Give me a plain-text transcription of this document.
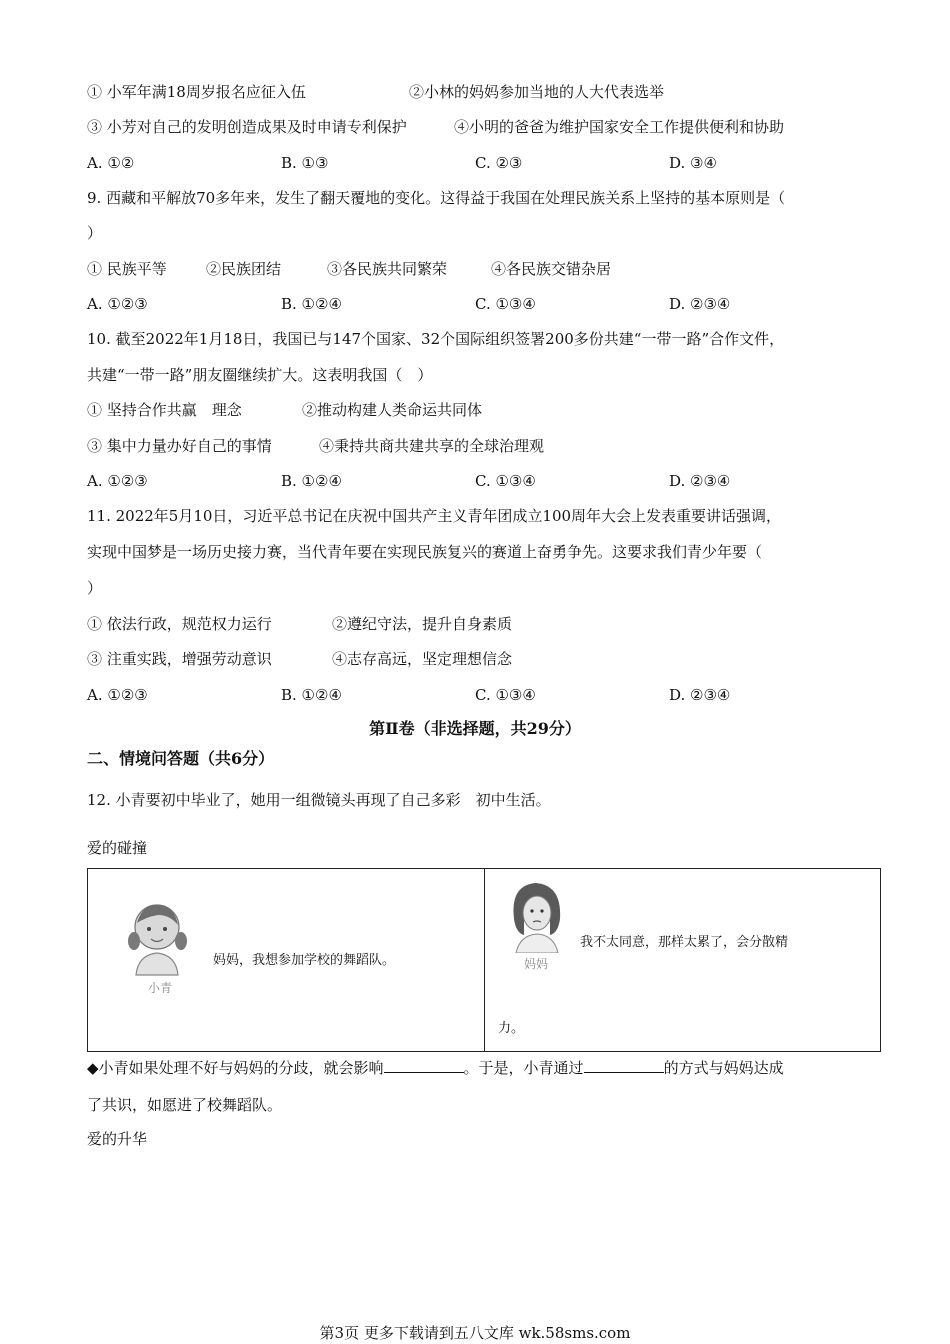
① 小军年满18周岁报名应征入伍	②小林的妈妈参加当地的人大代表选举
③ 小芳对自己的发明创造成果及时申请专利保护	④小明的爸爸为维护国家安全工作提供便利和协助
A. ①②	B. ①③	C. ②③	D. ③④
9. 西藏和平解放70多年来，发生了翻天覆地的变化。这得益于我国在处理民族关系上坚持的基本原则是（
）
① 民族平等	②民族团结	③各民族共同繁荣	④各民族交错杂居
A. ①②③	B. ①②④	C. ①③④	D. ②③④
10. 截至2022年1月18日，我国已与147个国家、32个国际组织签署200多份共建“一带一路”合作文件，
共建“一带一路”朋友圈继续扩大。这表明我国（　）
① 坚持合作共赢　理念	②推动构建人类命运共同体
③ 集中力量办好自己的事情	④秉持共商共建共享的全球治理观
A. ①②③	B. ①②④	C. ①③④	D. ②③④
11. 2022年5月10日，习近平总书记在庆祝中国共产主义青年团成立100周年大会上发表重要讲话强调，
实现中国梦是一场历史接力赛，当代青年要在实现民族复兴的赛道上奋勇争先。这要求我们青少年要（
）
① 依法行政，规范权力运行	②遵纪守法，提升自身素质
③ 注重实践，增强劳动意识	④志存高远，坚定理想信念
A. ①②③	B. ①②④	C. ①③④	D. ②③④
第Ⅱ卷（非选择题，共29分）
二、情境问答题（共6分）
12. 小青要初中毕业了，她用一组微镜头再现了自己多彩　初中生活。
爱的碰撞
小青
妈妈，我想参加学校的舞蹈队。	妈妈
我不太同意，那样太累了，会分散精
力。
◆小青如果处理不好与妈妈的分歧，就会影响	。于是，小青通过	的方式与妈妈达成
了共识，如愿进了校舞蹈队。
爱的升华
第3页 更多下载请到五八文库 wk.58sms.com
